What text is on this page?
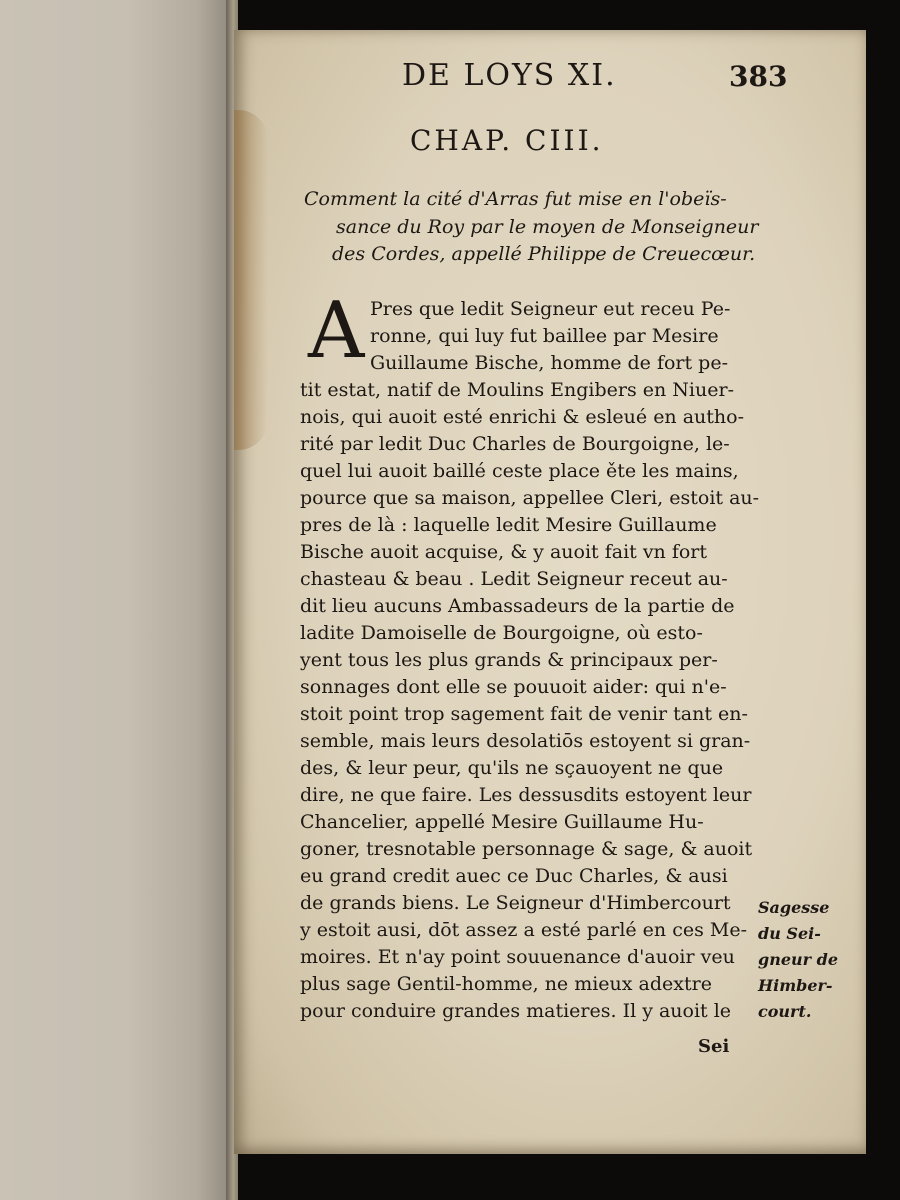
DE LOYS XI.	383
CHAP. CIII.
Comment la cité d'Arras fut mise en l'obeïs-
sance du Roy par le moyen de Monseigneur
des Cordes, appellé Philippe de Creuecœur.
A Pres que ledit Seigneur eut receu Pe-
ronne, qui luy fut baillee par Mesire
Guillaume Bische, homme de fort pe-
tit estat, natif de Moulins Engibers en Niuer-
nois, qui auoit esté enrichi & esleué en autho-
rité par ledit Duc Charles de Bourgoigne, le-
quel lui auoit baillé ceste place ěte les mains,
pource que sa maison, appellee Cleri, estoit au-
pres de là : laquelle ledit Mesire Guillaume
Bische auoit acquise, & y auoit fait vn fort
chasteau & beau . Ledit Seigneur receut au-
dit lieu aucuns Ambassadeurs de la partie de
ladite Damoiselle de Bourgoigne, où esto-
yent tous les plus grands & principaux per-
sonnages dont elle se pouuoit aider: qui n'e-
stoit point trop sagement fait de venir tant en-
semble, mais leurs desolatiōs estoyent si gran-
des, & leur peur, qu'ils ne sçauoyent ne que
dire, ne que faire. Les dessusdits estoyent leur
Chancelier, appellé Mesire Guillaume Hu-
goner, tresnotable personnage & sage, & auoit
eu grand credit auec ce Duc Charles, & ausi
de grands biens. Le Seigneur d'Himbercourt
y estoit ausi, dōt assez a esté parlé en ces Me-
moires. Et n'ay point souuenance d'auoir veu
plus sage Gentil-homme, ne mieux adextre
pour conduire grandes matieres. Il y auoit le
Sagesse
du Sei-
gneur de
Himber-
court.
Sei
